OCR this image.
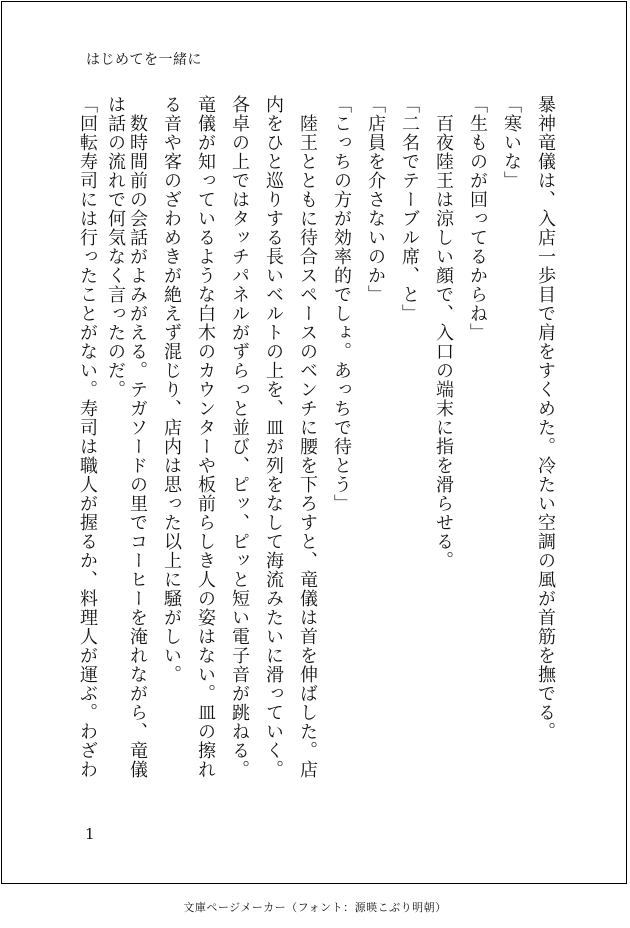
はじめてを一緒に
暴神竜儀は、入店一歩目で肩をすくめた。冷たい空調の風が首筋を撫でる。
「寒いな」
「生ものが回ってるからね」
　百夜陸王は涼しい顔で、入口の端末に指を滑らせる。
「二名でテーブル席、と」
「店員を介さないのか」
「こっちの方が効率的でしょ。あっちで待とう」
　陸王とともに待合スペースのベンチに腰を下ろすと、竜儀は首を伸ばした。店
内をひと巡りする長いベルトの上を、皿が列をなして海流みたいに滑っていく。
各卓の上ではタッチパネルがずらっと並び、ピッ、ピッと短い電子音が跳ねる。
竜儀が知っているような白木のカウンターや板前らしき人の姿はない。皿の擦れ
る音や客のざわめきが絶えず混じり、店内は思った以上に騒がしい。
　数時間前の会話がよみがえる。テガソードの里でコーヒーを淹れながら、竜儀
は話の流れで何気なく言ったのだ。
「回転寿司には行ったことがない。寿司は職人が握るか、料理人が運ぶ。わざわ
1
文庫ページメーカー（フォント：源暎こぶり明朝）
